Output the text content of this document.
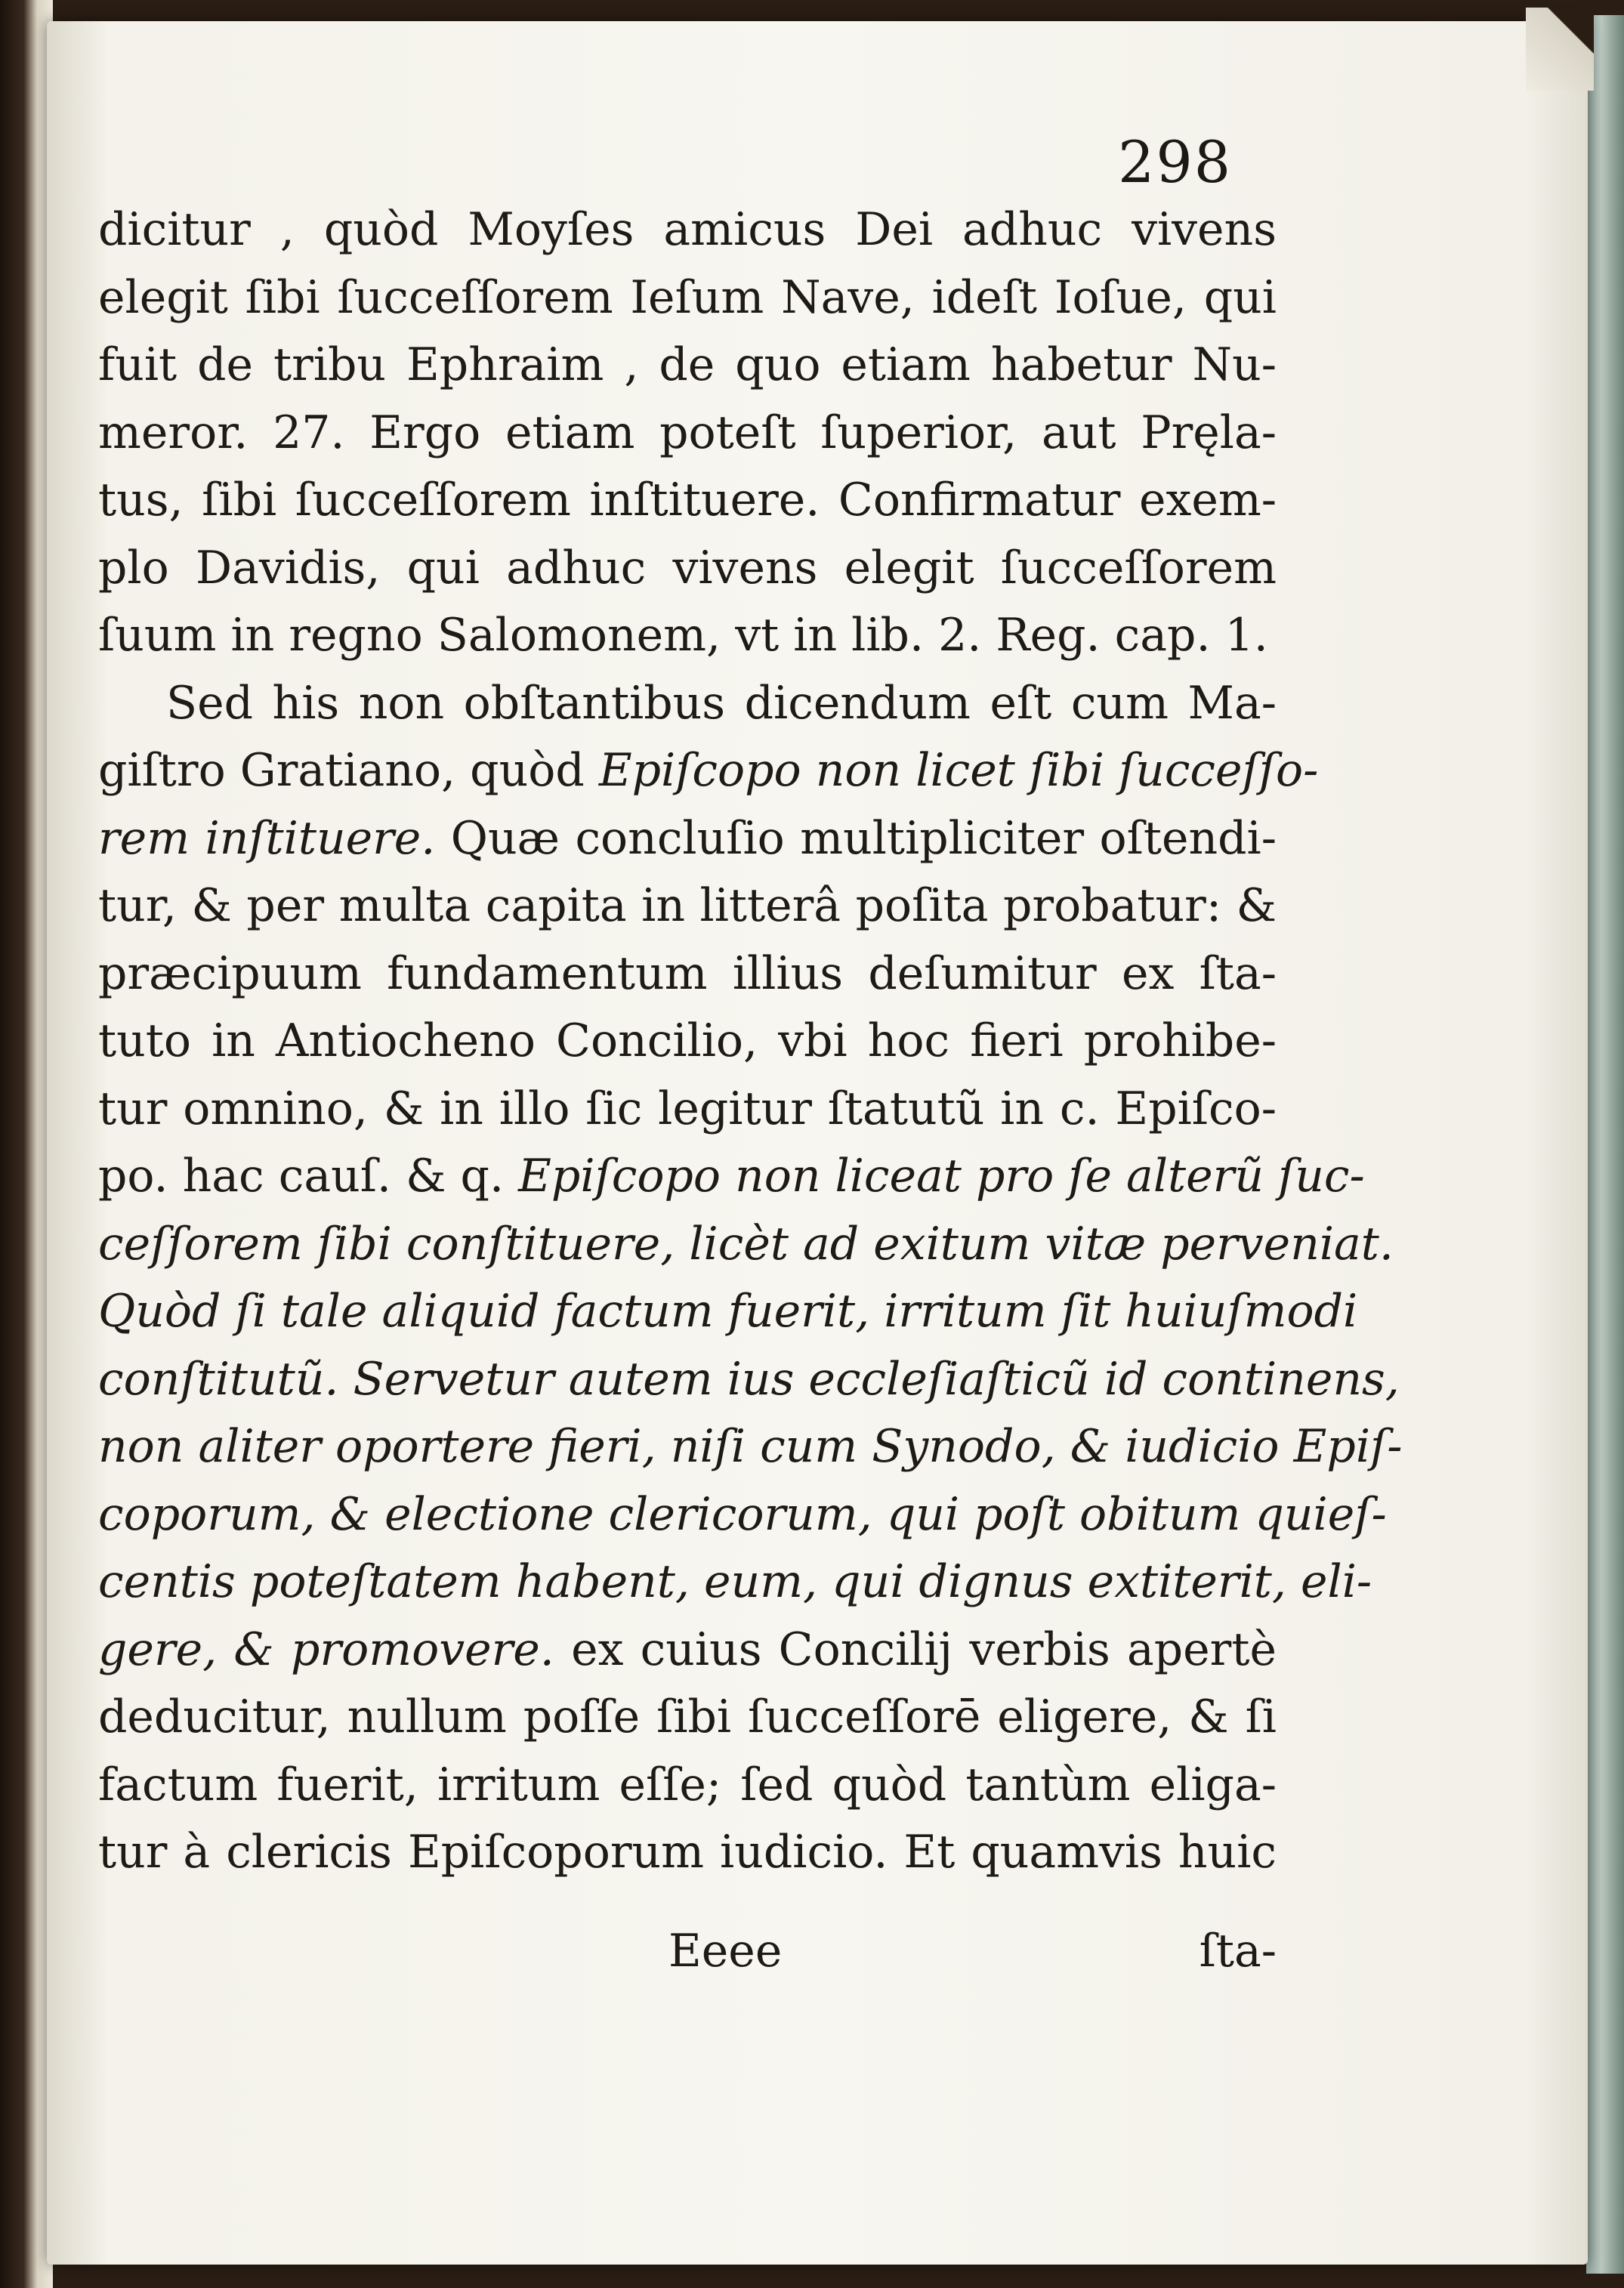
298
dicitur , quòd Moyſes amicus Dei adhuc vivens
elegit ſibi ſucceſſorem Ieſum Nave, ideſt Ioſue, qui
fuit de tribu Ephraim , de quo etiam habetur Nu-
meror. 27. Ergo etiam poteſt ſuperior, aut Pręla-
tus, ſibi ſucceſſorem inſtituere. Confirmatur exem-
plo Davidis, qui adhuc vivens elegit ſucceſſorem
ſuum in regno Salomonem, vt in lib. 2. Reg. cap. 1.
Sed his non obſtantibus dicendum eſt cum Ma-
giſtro Gratiano, quòd Epiſcopo non licet ſibi ſucceſſo-
rem inſtituere. Quæ concluſio multipliciter oſtendi-
tur, & per multa capita in litterâ poſita probatur: &
præcipuum fundamentum illius deſumitur ex ſta-
tuto in Antiocheno Concilio, vbi hoc fieri prohibe-
tur omnino, & in illo ſic legitur ſtatutũ in c. Epiſco-
po. hac cauſ. & q. Epiſcopo non liceat pro ſe alterũ ſuc-
ceſſorem ſibi conſtituere, licèt ad exitum vitæ perveniat.
Quòd ſi tale aliquid factum fuerit, irritum ſit huiuſmodi
conſtitutũ. Servetur autem ius eccleſiaſticũ id continens,
non aliter oportere fieri, niſi cum Synodo, & iudicio Epiſ-
coporum, & electione clericorum, qui poſt obitum quieſ-
centis poteſtatem habent, eum, qui dignus extiterit, eli-
gere, & promovere. ex cuius Concilij verbis apertè
deducitur, nullum poſſe ſibi ſucceſſorē eligere, & ſi
factum fuerit, irritum eſſe; ſed quòd tantùm eliga-
tur à clericis Epiſcoporum iudicio. Et quamvis huic
Eeee	ſta-
